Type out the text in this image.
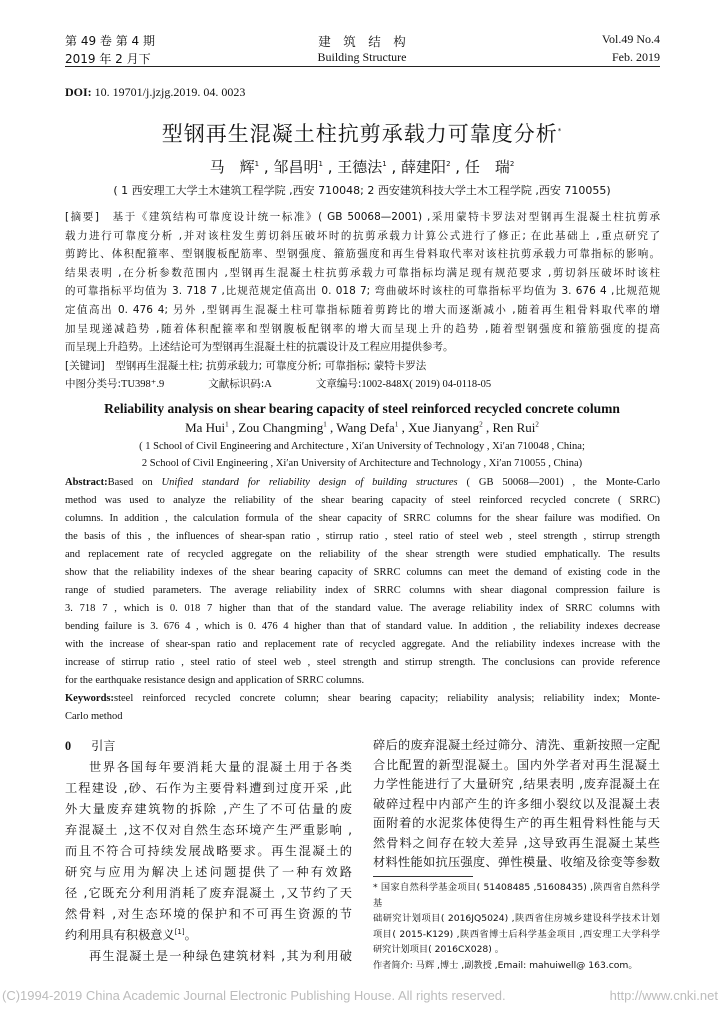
第 49 卷 第 4 期
2019 年 2 月下
建　筑　结　构
Building Structure
Vol.49 No.4
Feb. 2019
DOI: 10. 19701/j.jzjg.2019. 04. 0023
型钢再生混凝土柱抗剪承载力可靠度分析*
马　辉$^1$ , 邹昌明$^1$ , 王德法$^1$ , 薛建阳$^2$ , 任　瑞$^2$
( 1 西安理工大学土木建筑工程学院 ,西安 710048; 2 西安建筑科技大学土木工程学院 ,西安 710055)
[摘要]　 基于《建筑结构可靠度设计统一标准》( GB 50068—2001) ,采用蒙特卡罗法对型钢再生混凝土柱抗剪承
载力进行可靠度分析 ,并对该柱发生剪切斜压破坏时的抗剪承载力计算公式进行了修正; 在此基础上 ,重点研究了
剪跨比、体积配箍率、型钢腹板配筋率、型钢强度、箍筋强度和再生骨料取代率对该柱抗剪承载力可靠指标的影响。
结果表明 ,在分析参数范围内 ,型钢再生混凝土柱抗剪承载力可靠指标均满足现有规范要求 ,剪切斜压破坏时该柱
的可靠指标平均值为 3. 718 7 ,比规范规定值高出 0. 018 7; 弯曲破坏时该柱的可靠指标平均值为 3. 676 4 ,比规范规
定值高出 0. 476 4; 另外 ,型钢再生混凝土柱可靠指标随着剪跨比的增大而逐渐减小 ,随着再生粗骨料取代率的增
加呈现递减趋势 ,随着体积配箍率和型钢腹板配钢率的增大而呈现上升的趋势 ,随着型钢强度和箍筋强度的提高
而呈现上升趋势。上述结论可为型钢再生混凝土柱的抗震设计及工程应用提供参考。
[关键词]　 型钢再生混凝土柱; 抗剪承载力; 可靠度分析; 可靠指标; 蒙特卡罗法
中图分类号:TU398⁺.9	文献标识码:A	文章编号:1002-848X( 2019) 04-0118-05
Reliability analysis on shear bearing capacity of steel reinforced recycled concrete column
Ma Hui$^1$ , Zou Changming$^1$ , Wang Defa$^1$ , Xue Jianyang$^2$ , Ren Rui$^2$
( 1 School of Civil Engineering and Architecture , Xi′an University of Technology , Xi′an 710048 , China;
2 School of Civil Engineering , Xi′an University of Architecture and Technology , Xi′an 710055 , China)
Abstract:Based on Unified standard for reliability design of building structures ( GB 50068—2001) , the Monte-Carlo
method was used to analyze the reliability of the shear bearing capacity of steel reinforced recycled concrete ( SRRC)
columns. In addition , the calculation formula of the shear capacity of SRRC columns for the shear failure was modified. On
the basis of this , the influences of shear-span ratio , stirrup ratio , steel ratio of steel web , steel strength , stirrup strength
and replacement rate of recycled aggregate on the reliability of the shear strength were studied emphatically. The results
show that the reliability indexes of the shear bearing capacity of SRRC columns can meet the demand of existing code in the
range of studied parameters. The average reliability index of SRRC columns with shear diagonal compression failure is
3. 718 7 , which is 0. 018 7 higher than that of the standard value. The average reliability index of SRRC columns with
bending failure is 3. 676 4 , which is 0. 476 4 higher than that of standard value. In addition , the reliability indexes decrease
with the increase of shear-span ratio and replacement rate of recycled aggregate. And the reliability indexes increase with the
increase of stirrup ratio , steel ratio of steel web , steel strength and stirrup strength. The conclusions can provide reference
for the earthquake resistance design and application of SRRC columns.
Keywords:steel reinforced recycled concrete column; shear bearing capacity; reliability analysis; reliability index; Monte-
Carlo method
0 引言
世界各国每年要消耗大量的混凝土用于各类
工程建设 ,砂、石作为主要骨料遭到过度开采 ,此
外大量废弃建筑物的拆除 ,产生了不可估量的废
弃混凝土 ,这不仅对自然生态环境产生严重影响 ,
而且不符合可持续发展战略要求。再生混凝土的
研究与应用为解决上述问题提供了一种有效路
径 ,它既充分利用消耗了废弃混凝土 ,又节约了天
然骨料 ,对生态环境的保护和不可再生资源的节
约利用具有积极意义[1]。
再生混凝土是一种绿色建筑材料 ,其为利用破
碎后的废弃混凝土经过筛分、清洗、重新按照一定配
合比配置的新型混凝土。国内外学者对再生混凝土
力学性能进行了大量研究 ,结果表明 ,废弃混凝土在
破碎过程中内部产生的许多细小裂纹以及混凝土表
面附着的水泥浆体使得生产的再生粗骨料性能与天
然骨料之间存在较大差异 ,这导致再生混凝土某些
材料性能如抗压强度、弹性模量、收缩及徐变等参数
* 国家自然科学基金项目( 51408485 ,51608435) ,陕西省自然科学基
础研究计划项目( 2016JQ5024) ,陕西省住房城乡建设科学技术计划
项目( 2015-K129) ,陕西省博士后科学基金项目 ,西安理工大学科学
研究计划项目( 2016CX028) 。
作者简介: 马辉 ,博士 ,副教授 ,Email: mahuiwell@ 163.com。
(C)1994-2019 China Academic Journal Electronic Publishing House. All rights reserved.	http://www.cnki.net
